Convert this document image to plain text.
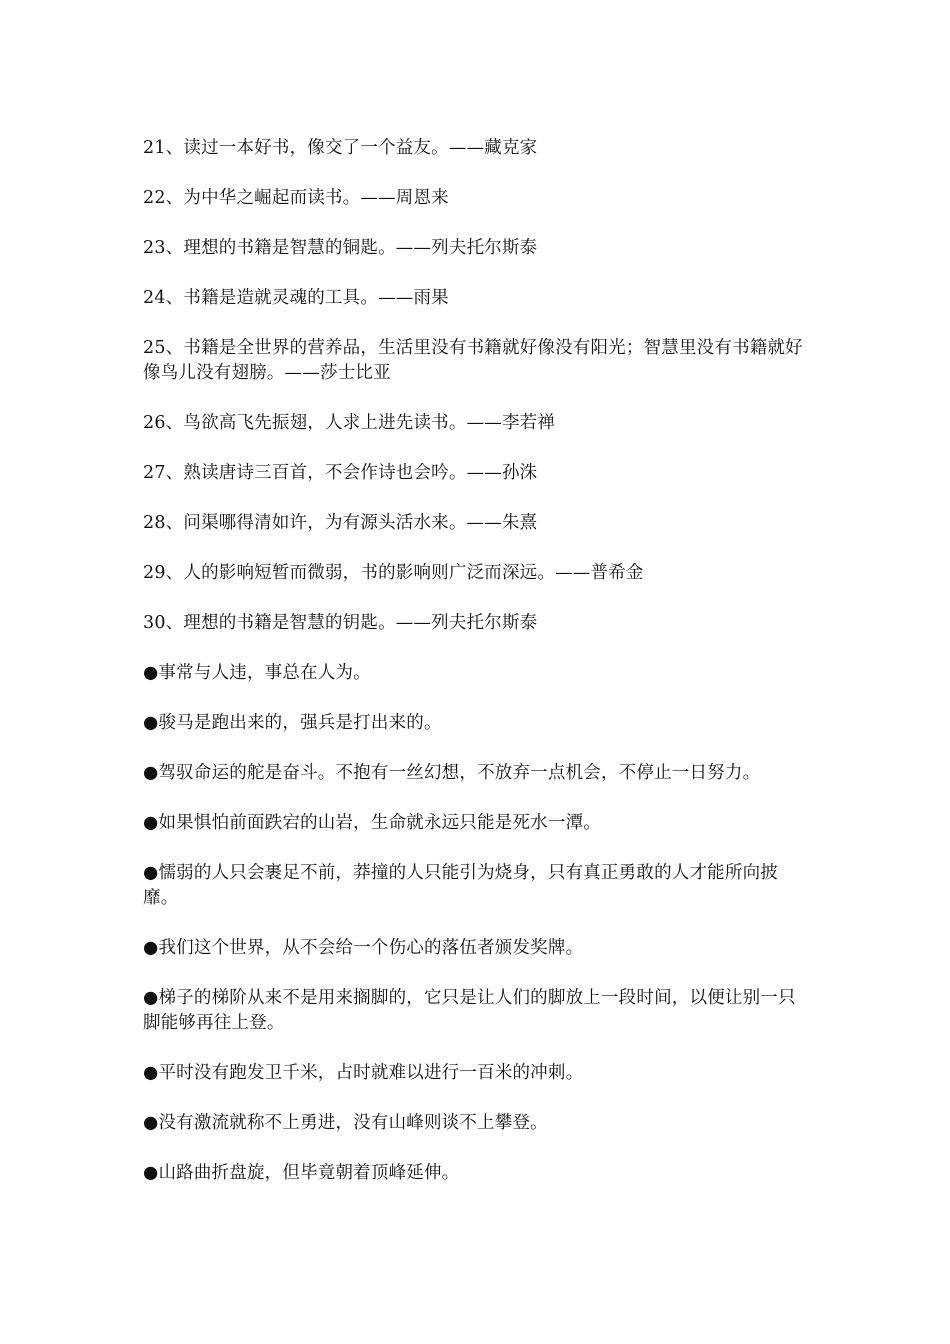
21、读过一本好书，像交了一个益友。——藏克家

22、为中华之崛起而读书。——周恩来

23、理想的书籍是智慧的铜匙。——列夫托尔斯泰

24、书籍是造就灵魂的工具。——雨果

25、书籍是全世界的营养品，生活里没有书籍就好像没有阳光；智慧里没有书籍就好像鸟儿没有翅膀。——莎士比亚

26、鸟欲高飞先振翅，人求上进先读书。——李若禅

27、熟读唐诗三百首，不会作诗也会吟。——孙洙

28、问渠哪得清如许，为有源头活水来。——朱熹

29、人的影响短暂而微弱，书的影响则广泛而深远。——普希金

30、理想的书籍是智慧的钥匙。——列夫托尔斯泰

●事常与人违，事总在人为。

●骏马是跑出来的，强兵是打出来的。

●驾驭命运的舵是奋斗。不抱有一丝幻想，不放弃一点机会，不停止一日努力。

●如果惧怕前面跌宕的山岩，生命就永远只能是死水一潭。

●懦弱的人只会裹足不前，莽撞的人只能引为烧身，只有真正勇敢的人才能所向披靡。

●我们这个世界，从不会给一个伤心的落伍者颁发奖牌。

●梯子的梯阶从来不是用来搁脚的，它只是让人们的脚放上一段时间，以便让别一只脚能够再往上登。

●平时没有跑发卫千米，占时就难以进行一百米的冲刺。

●没有激流就称不上勇进，没有山峰则谈不上攀登。

●山路曲折盘旋，但毕竟朝着顶峰延伸。
